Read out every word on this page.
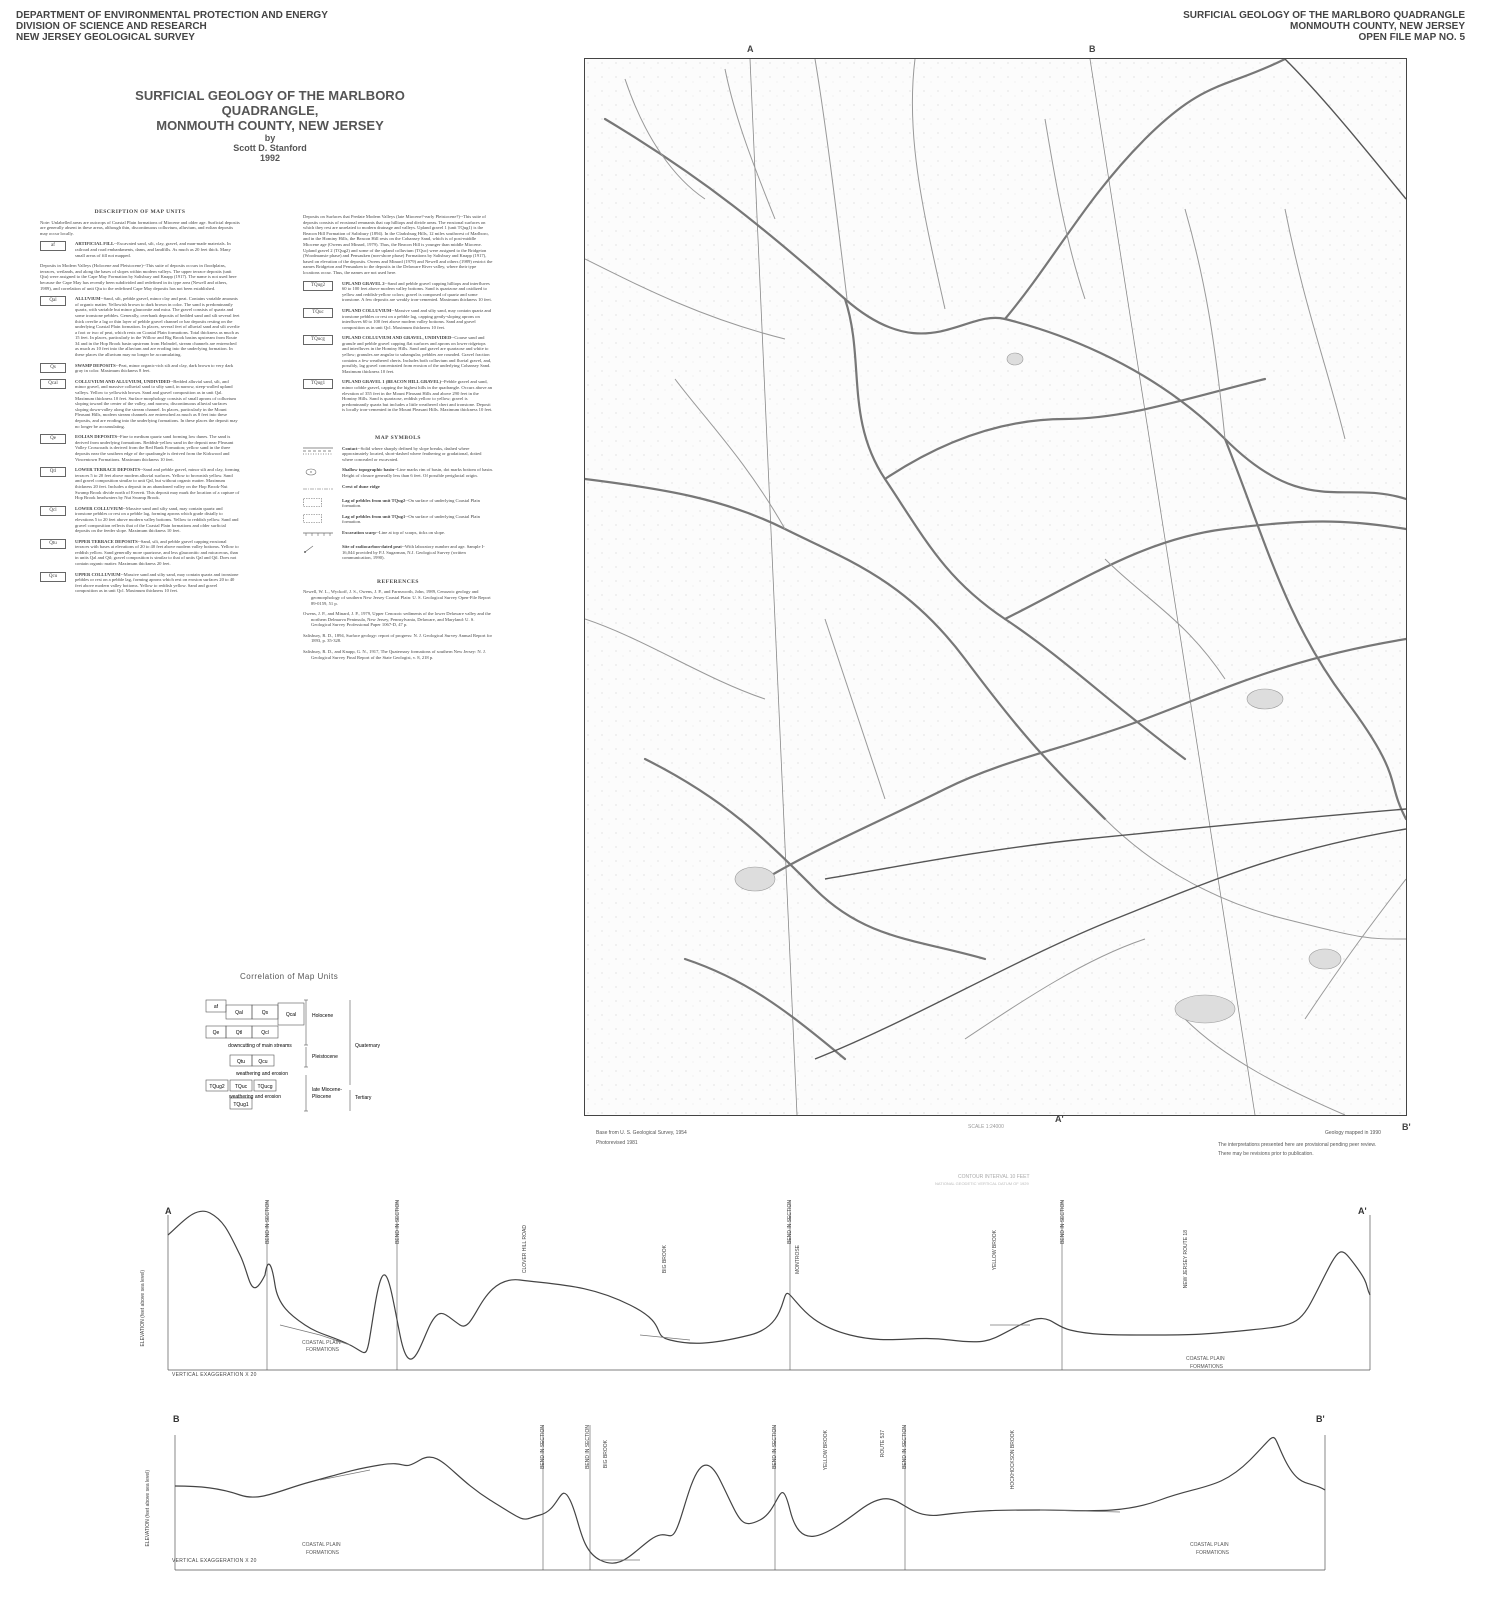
DEPARTMENT OF ENVIRONMENTAL PROTECTION AND ENERGY
DIVISION OF SCIENCE AND RESEARCH
NEW JERSEY GEOLOGICAL SURVEY
SURFICIAL GEOLOGY OF THE MARLBORO QUADRANGLE
MONMOUTH COUNTY, NEW JERSEY
OPEN FILE MAP NO. 5
SURFICIAL GEOLOGY OF THE MARLBORO QUADRANGLE,
MONMOUTH COUNTY, NEW JERSEY
by
Scott D. Stanford
1992
DESCRIPTION OF MAP UNITS
Note: Unlabelled areas are outcrops of Coastal Plain formations of Miocene and older age. Surficial deposits are generally absent in these areas, although thin, discontinuous colluvium, alluvium, and eolian deposits may occur locally.
af	ARTIFICIAL FILL--Excavated sand, silt, clay, gravel, and man-made materials. In railroad and road embankments, dams, and landfills. As much as 20 feet thick. Many small areas of fill not mapped.
Deposits in Modern Valleys (Holocene and Pleistocene)--This suite of deposits occurs in floodplains, terraces, wetlands, and along the bases of slopes within modern valleys. The upper terrace deposits (unit Qtu) were assigned to the Cape May Formation by Salisbury and Knapp (1917). The name is not used here because the Cape May has recently been subdivided and redefined in its type area (Newell and others, 1989), and correlation of unit Qtu to the redefined Cape May deposits has not been established.
Qal	ALLUVIUM--Sand, silt, pebble gravel, minor clay and peat. Contains variable amounts of organic matter. Yellowish brown to dark brown in color. The sand is predominantly quartz, with variable but minor glauconite and mica. The gravel consists of quartz and some ironstone pebbles. Generally, overbank deposits of bedded sand and silt several feet thick overlie a lag or thin layer of pebble gravel channel or bar deposits resting on the underlying Coastal Plain formation. In places, several feet of alluvial sand and silt overlie a foot or two of peat, which rests on Coastal Plain formations. Total thickness as much as 15 feet. In places, particularly in the Willow and Big Brook basins upstream from Route 34 and in the Hop Brook basin upstream from Holmdel, stream channels are entrenched as much as 10 feet into the alluvium and are eroding into the underlying formation. In these places the alluvium may no longer be accumulating.
Qs	SWAMP DEPOSITS--Peat, minor organic-rich silt and clay, dark brown to very dark gray in color. Maximum thickness 8 feet.
Qcal	COLLUVIUM AND ALLUVIUM, UNDIVIDED--Bedded alluvial sand, silt, and minor gravel, and massive colluvial sand to silty sand, in narrow, steep-walled upland valleys. Yellow to yellowish brown. Sand and gravel composition as in unit Qal. Maximum thickness 10 feet. Surface morphology consists of small aprons of colluvium sloping toward the center of the valley, and narrow, discontinuous alluvial surfaces sloping down-valley along the stream channel. In places, particularly in the Mount Pleasant Hills, modern stream channels are entrenched as much as 8 feet into these deposits, and are eroding into the underlying formations. In these places the deposit may no longer be accumulating.
Qe	EOLIAN DEPOSITS--Fine to medium quartz sand forming low dunes. The sand is derived from underlying formations. Reddish-yellow sand in the deposit near Pleasant Valley Crossroads is derived from the Red Bank Formation; yellow sand in the three deposits near the southern edge of the quadrangle is derived from the Kirkwood and Vincentown Formations. Maximum thickness 10 feet.
Qtl	LOWER TERRACE DEPOSITS--Sand and pebble gravel, minor silt and clay, forming terraces 5 to 20 feet above modern alluvial surfaces. Yellow to brownish yellow. Sand and gravel composition similar to unit Qal, but without organic matter. Maximum thickness 20 feet. Includes a deposit in an abandoned valley on the Hop Brook-Nut Swamp Brook divide north of Everett. This deposit may mark the location of a capture of Hop Brook headwaters by Nut Swamp Brook.
Qcl	LOWER COLLUVIUM--Massive sand and silty sand, may contain quartz and ironstone pebbles or rest on a pebble lag, forming aprons which grade distally to elevations 5 to 20 feet above modern valley bottoms. Yellow to reddish yellow. Sand and gravel composition reflects that of the Coastal Plain formations and older surficial deposits on the feeder slope. Maximum thickness 10 feet.
Qtu	UPPER TERRACE DEPOSITS--Sand, silt, and pebble gravel capping erosional terraces with bases at elevations of 20 to 40 feet above modern valley bottoms. Yellow to reddish yellow. Sand generally more quartzose, and less glauconitic and micaceous, than in units Qal and Qtl; gravel composition is similar to that of units Qal and Qtl. Does not contain organic matter. Maximum thickness 20 feet.
Qcu	UPPER COLLUVIUM--Massive sand and silty sand, may contain quartz and ironstone pebbles or rest on a pebble lag, forming aprons which rest on erosion surfaces 20 to 40 feet above modern valley bottoms. Yellow to reddish yellow. Sand and gravel composition as in unit Qcl. Maximum thickness 10 feet.
Deposits on Surfaces that Predate Modern Valleys (late Miocene?-early Pleistocene?)--This suite of deposits consists of erosional remnants that cap hilltops and divide areas. The erosional surfaces on which they rest are unrelated to modern drainage and valleys. Upland gravel 1 (unit TQug1) is the Beacon Hill Formation of Salisbury (1894). In the Clarksburg Hills, 12 miles southwest of Marlboro, and in the Hominy Hills, the Beacon Hill rests on the Cohansey Sand, which is of post-middle Miocene age (Owens and Minard, 1979). Thus, the Beacon Hill is younger than middle Miocene. Upland gravel 2 (TQug2) and some of the upland colluvium (TQuc) were assigned to the Bridgeton (Woodmansie phase) and Pensauken (non-shore phase) Formations by Salisbury and Knapp (1917), based on elevation of the deposits. Owens and Minard (1979) and Newell and others (1989) restrict the names Bridgeton and Pensauken to the deposits in the Delaware River valley, where their type locations occur. Thus, the names are not used here.
TQug2	UPLAND GRAVEL 2--Sand and pebble gravel capping hilltops and interfluves 60 to 100 feet above modern valley bottoms. Sand is quartzose and oxidized to yellow and reddish-yellow colors; gravel is composed of quartz and some ironstone. A few deposits are weakly iron-cemented. Maximum thickness 10 feet.
TQuc	UPLAND COLLUVIUM--Massive sand and silty sand, may contain quartz and ironstone pebbles or rest on a pebble lag, capping gently-sloping aprons on interfluves 60 to 100 feet above modern valley bottoms. Sand and gravel composition as in unit Qcl. Maximum thickness 10 feet.
TQucg	UPLAND COLLUVIUM AND GRAVEL, UNDIVIDED--Coarse sand and granule and pebble gravel capping flat surfaces and aprons on lower ridgetops and interfluves in the Hominy Hills. Sand and gravel are quartzose and white to yellow; granules are angular to subangular, pebbles are rounded. Gravel fraction contains a few weathered cherts. Includes both colluvium and fluvial gravel, and, possibly, lag gravel concentrated from erosion of the underlying Cohansey Sand. Maximum thickness 10 feet.
TQug1	UPLAND GRAVEL 1 (BEACON HILL GRAVEL)--Pebble gravel and sand, minor cobble gravel, capping the highest hills in the quadrangle. Occurs above an elevation of 355 feet in the Mount Pleasant Hills and above 290 feet in the Hominy Hills. Sand is quartzose, reddish yellow to yellow; gravel is predominantly quartz but includes a little weathered chert and ironstone. Deposit is locally iron-cemented in the Mount Pleasant Hills. Maximum thickness 10 feet.
MAP SYMBOLS
Contact--Solid where sharply defined by slope breaks, dashed where approximately located, short-dashed where feathering or gradational, dotted where concealed or excavated.
Shallow topographic basin--Line marks rim of basin, dot marks bottom of basin. Height of closure generally less than 6 feet. Of possible periglacial origin.
Crest of dune ridge
Lag of pebbles from unit TQug2--On surface of underlying Coastal Plain formation.
Lag of pebbles from unit TQug1--On surface of underlying Coastal Plain formation.
Excavation scarp--Line at top of scarps, ticks on slope.
Site of radiocarbon-dated peat--With laboratory number and age. Sample I-16,044 provided by P.J. Sugarman, N.J. Geological Survey (written communication, 1990).
REFERENCES
Newell, W. L., Wyckoff, J. S., Owens, J. P., and Farnsworth, John, 1989, Cenozoic geology and geomorphology of southern New Jersey Coastal Plain: U. S. Geological Survey Open-File Report 89-0159, 51 p.
Owens, J. P., and Minard, J. P., 1979, Upper Cenozoic sediments of the lower Delaware valley and the northern Delmarva Peninsula, New Jersey, Pennsylvania, Delaware, and Maryland: U. S. Geological Survey Professional Paper 1067-D, 47 p.
Salisbury, R. D., 1894, Surface geology: report of progress: N. J. Geological Survey Annual Report for 1893, p. 35-328.
Salisbury, R. D., and Knapp, G. N., 1917, The Quaternary formations of southern New Jersey: N. J. Geological Survey Final Report of the State Geologist, v. 8, 218 p.
Correlation of Map Units
af
Qal	Qs	Qcal
Qe	Qtl	Qcl
downcutting of main streams
Qtu	Qcu
weathering and erosion
TQug2 TQuc TQucg
weathering and erosion
TQug1
Holocene
Pleistocene
Quaternary
late Miocene-
Pliocene	Tertiary
A	B
A'
B'
Base from U. S. Geological Survey, 1954
Photorevised 1981
Geology mapped in 1990
The interpretations presented here are provisional pending peer review.
There may be revisions prior to publication.
SCALE 1:24000
CONTOUR INTERVAL 10 FEET
NATIONAL GEODETIC VERTICAL DATUM OF 1929
A	A'
ELEVATION (feet above sea level)
BEND IN SECTION	BEND IN SECTION
CLOVER HILL ROAD	BIG BROOK
BEND IN SECTION
MONTROSE	YELLOW BROOK
BEND IN SECTION
NEW JERSEY ROUTE 18
COASTAL PLAIN
FORMATIONS
COASTAL PLAIN
FORMATIONS
VERTICAL EXAGGERATION X 20
B	B'
ELEVATION (feet above sea level)
BEND IN SECTION	BEND IN SECTION BIG BROOK	BEND IN SECTION	YELLOW BROOK	ROUTE 537	BEND IN SECTION	HOCKHOCKSON BROOK
COASTAL PLAIN
FORMATIONS
COASTAL PLAIN
FORMATIONS
VERTICAL EXAGGERATION X 20
